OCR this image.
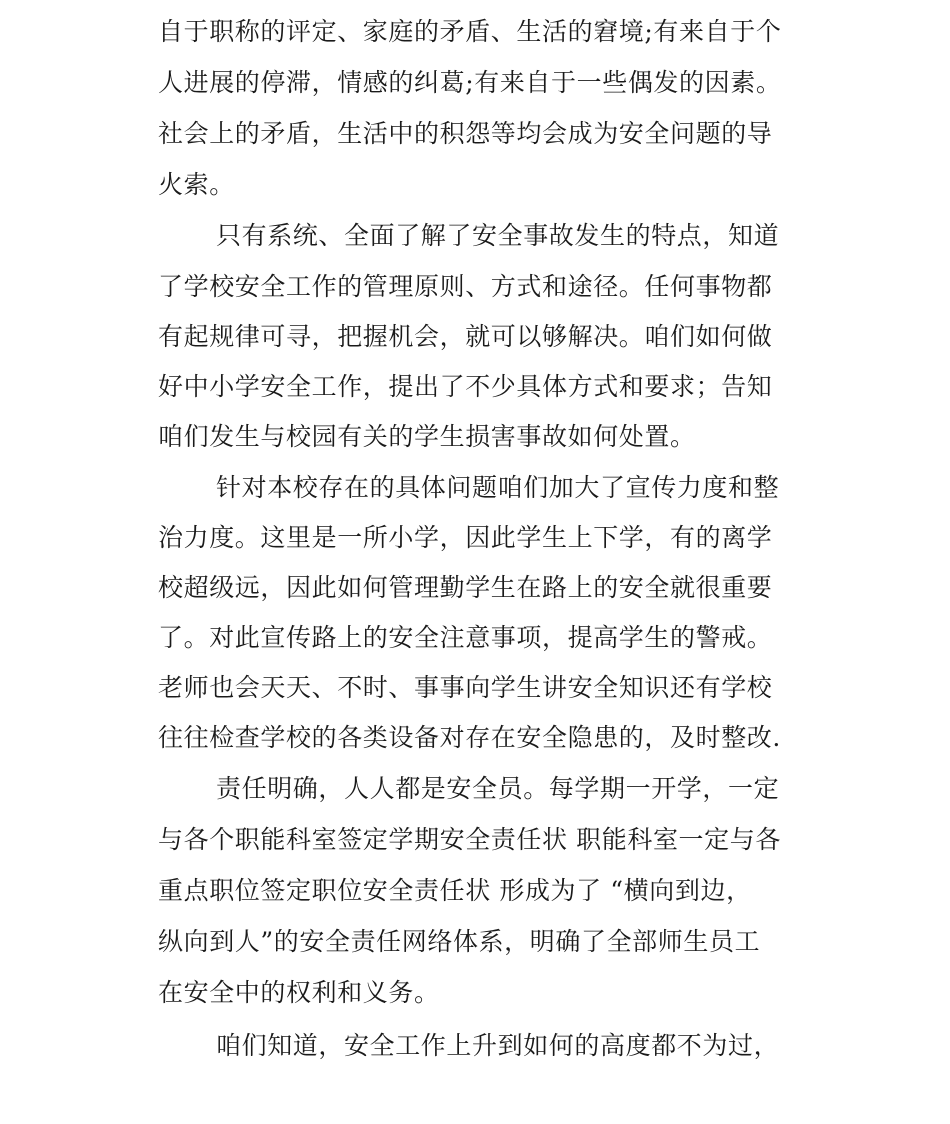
自于职称的评定、家庭的矛盾、生活的窘境;有来自于个
人进展的停滞，情感的纠葛;有来自于一些偶发的因素。
社会上的矛盾，生活中的积怨等均会成为安全问题的导
火索。
只有系统、全面了解了安全事故发生的特点，知道
了学校安全工作的管理原则、方式和途径。任何事物都
有起规律可寻，把握机会，就可以够解决。咱们如何做
好中小学安全工作，提出了不少具体方式和要求；告知
咱们发生与校园有关的学生损害事故如何处置。
针对本校存在的具体问题咱们加大了宣传力度和整
治力度。这里是一所小学，因此学生上下学，有的离学
校超级远，因此如何管理勤学生在路上的安全就很重要
了。对此宣传路上的安全注意事项，提高学生的警戒。
老师也会天天、不时、事事向学生讲安全知识还有学校
往往检查学校的各类设备对存在安全隐患的，及时整改.
责任明确，人人都是安全员。每学期一开学，一定
与各个职能科室签定学期安全责任状 职能科室一定与各
重点职位签定职位安全责任状 形成为了 “横向到边，
纵向到人”的安全责任网络体系，明确了全部师生员工
在安全中的权利和义务。
咱们知道，安全工作上升到如何的高度都不为过，
